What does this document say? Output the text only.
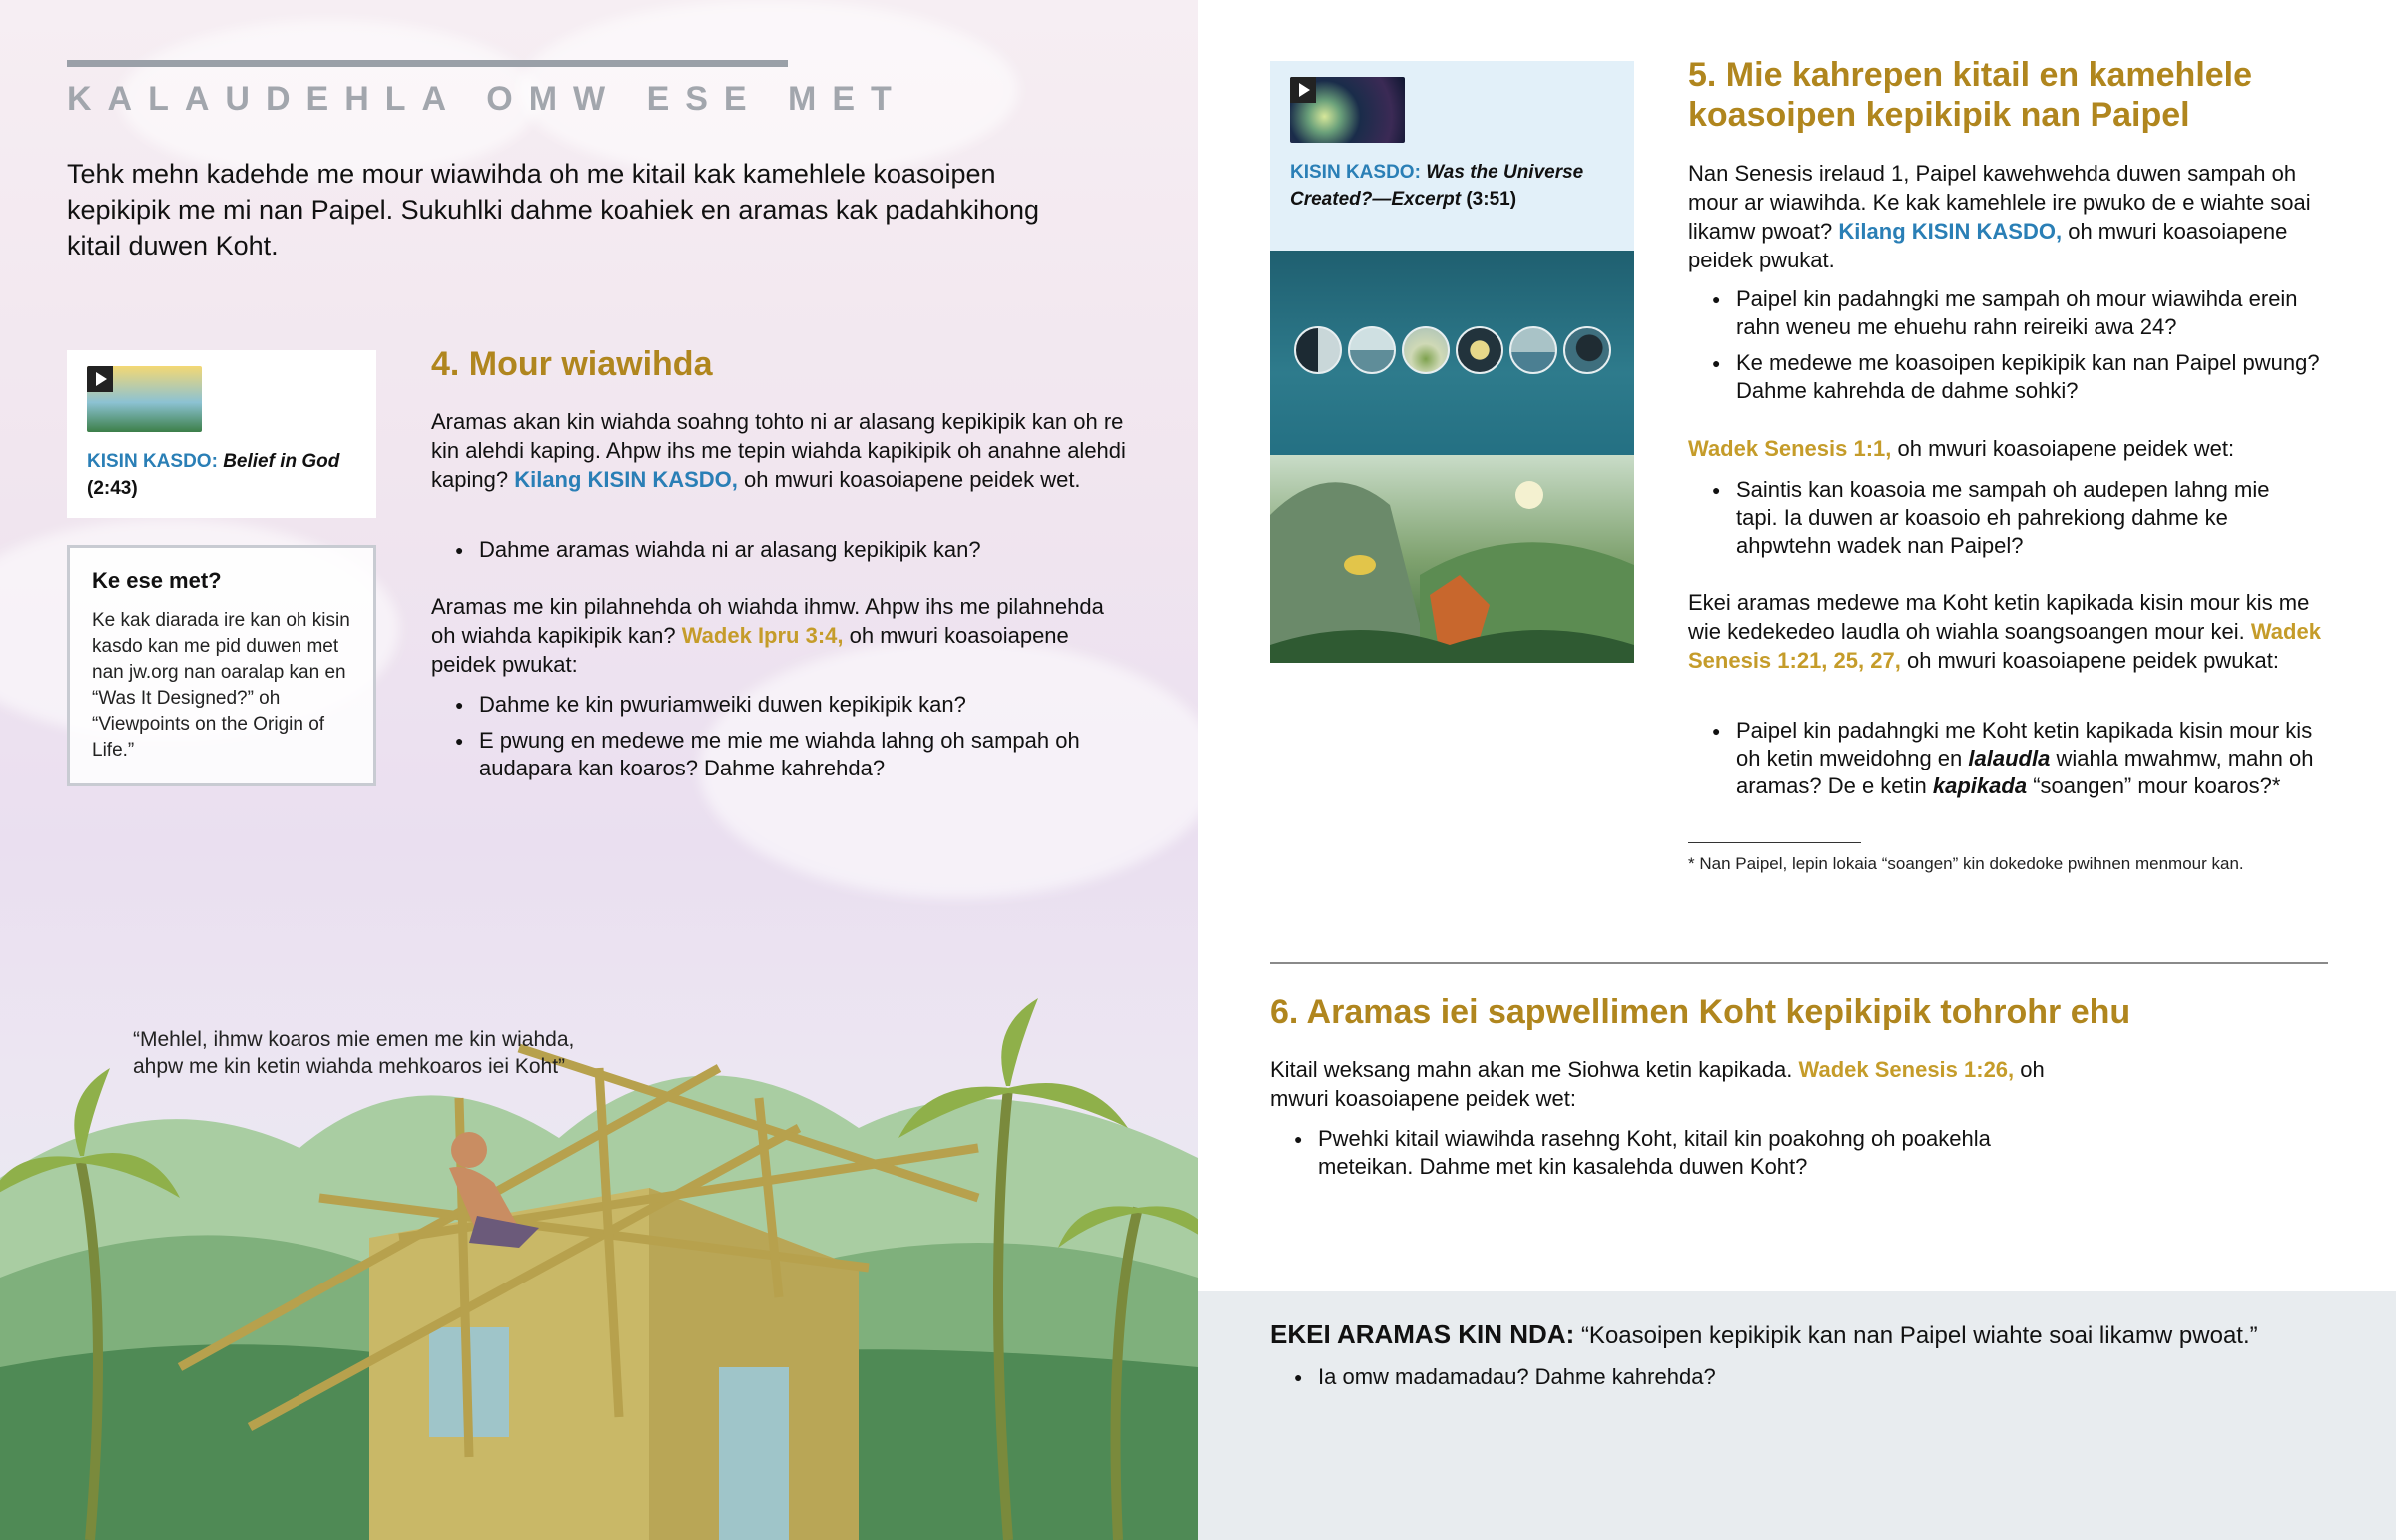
KALAUDEHLA OMW ESE MET
Tehk mehn kadehde me mour wiawihda oh me kitail kak kamehlele koasoipen kepikipik me mi nan Paipel. Sukuhlki dahme koahiek en aramas kak padahkihong kitail duwen Koht.
KISIN KASDO: Belief in God
(2:43)
Ke ese met?

Ke kak diarada ire kan oh kisin kasdo kan me pid duwen met nan jw.org nan oaralap kan en “Was It Designed?” oh “Viewpoints on the Origin of Life.”

4. Mour wiawihda
Aramas akan kin wiahda soahng tohto ni ar alasang kepikipik kan oh re kin alehdi kaping. Ahpw ihs me tepin wiahda kapikipik oh anahne alehdi kaping? Kilang KISIN KASDO, oh mwuri koasoiapene peidek wet.
● Dahme aramas wiahda ni ar alasang kepikipik kan?
Aramas me kin pilahnehda oh wiahda ihmw. Ahpw ihs me pilahnehda oh wiahda kapikipik kan? Wadek Ipru 3:4, oh mwuri koasoiapene peidek pwukat:
● Dahme ke kin pwuriamweiki duwen kepikipik kan?
● E pwung en medewe me mie me wiahda lahng oh sampah oh audapara kan koaros? Dahme kahrehda?
“Mehlel, ihmw koaros mie emen me kin wiahda, ahpw me kin ketin wiahda mehkoaros iei Koht”
KISIN KASDO: Was the Universe Created?—Excerpt (3:51)
5. Mie kahrepen kitail en kamehlele koasoipen kepikipik nan Paipel
Nan Senesis irelaud 1, Paipel kawehwehda duwen sampah oh mour ar wiawihda. Ke kak kamehlele ire pwuko de e wiahte soai likamw pwoat? Kilang KISIN KASDO, oh mwuri koasoiapene peidek pwukat.
● Paipel kin padahngki me sampah oh mour wiawihda erein rahn weneu me ehuehu rahn reireiki awa 24?
● Ke medewe me koasoipen kepikipik kan nan Paipel pwung? Dahme kahrehda de dahme sohki?
Wadek Senesis 1:1, oh mwuri koasoiapene peidek wet:
● Saintis kan koasoia me sampah oh audepen lahng mie tapi. Ia duwen ar koasoio eh pahrekiong dahme ke ahpwtehn wadek nan Paipel?
Ekei aramas medewe ma Koht ketin kapikada kisin mour kis me wie kedekedeo laudla oh wiahla soangsoangen mour kei. Wadek Senesis 1:21, 25, 27, oh mwuri koasoiapene peidek pwukat:
● Paipel kin padahngki me Koht ketin kapikada kisin mour kis oh ketin mweidohng en lalaudla wiahla mwahmw, mahn oh aramas? De e ketin kapikada “soangen” mour koaros?*
* Nan Paipel, lepin lokaia “soangen” kin dokedoke pwihnen menmour kan.
6. Aramas iei sapwellimen Koht kepikipik tohrohr ehu
Kitail weksang mahn akan me Siohwa ketin kapikada. Wadek Senesis 1:26, oh mwuri koasoiapene peidek wet:
● Pwehki kitail wiawihda rasehng Koht, kitail kin poakohng oh poakehla meteikan. Dahme met kin kasalehda duwen Koht?
EKEI ARAMAS KIN NDA: “Koasoipen kepikipik kan nan Paipel wiahte soai likamw pwoat.”
● Ia omw madamadau? Dahme kahrehda?
